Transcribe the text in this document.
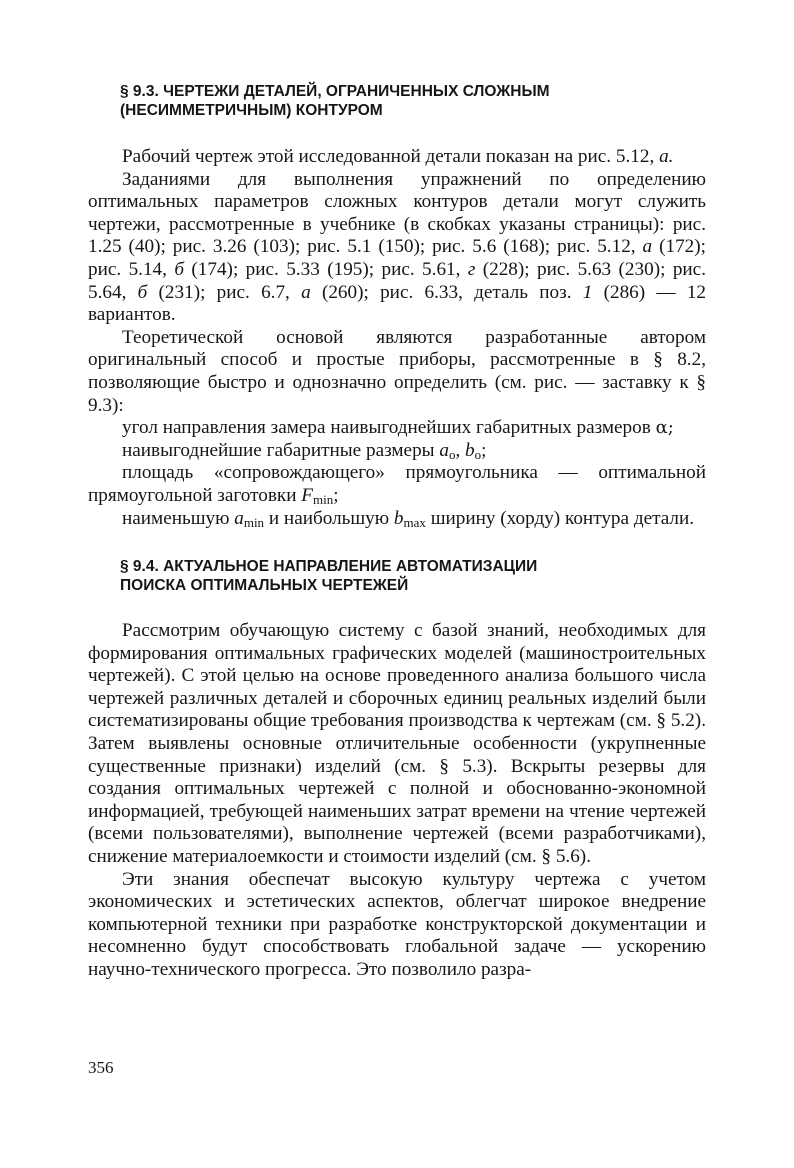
§ 9.3. ЧЕРТЕЖИ ДЕТАЛЕЙ, ОГРАНИЧЕННЫХ СЛОЖНЫМ
(НЕСИММЕТРИЧНЫМ) КОНТУРОМ

Рабочий чертеж этой исследованной детали показан на рис. 5.12, а.

Заданиями для выполнения упражнений по определению оптимальных параметров сложных контуров детали могут служить чертежи, рассмотренные в учебнике (в скобках указаны страницы): рис. 1.25 (40); рис. 3.26 (103); рис. 5.1 (150); рис. 5.6 (168); рис. 5.12, а (172); рис. 5.14, б (174); рис. 5.33 (195); рис. 5.61, г (228); рис. 5.63 (230); рис. 5.64, б (231); рис. 6.7, а (260); рис. 6.33, деталь поз. 1 (286) — 12 вариантов.

Теоретической основой являются разработанные автором оригинальный способ и простые приборы, рассмотренные в § 8.2, позволяющие быстро и однозначно определить (см. рис. — заставку к § 9.3):

угол направления замера наивыгоднейших габаритных размеров α;

наивыгоднейшие габаритные размеры $a_o$, $b_o$;

площадь «сопровождающего» прямоугольника — оптимальной прямоугольной заготовки $F_{min}$;

наименьшую $a_{min}$ и наибольшую $b_{max}$ ширину (хорду) контура детали.

§ 9.4. АКТУАЛЬНОЕ НАПРАВЛЕНИЕ АВТОМАТИЗАЦИИ
ПОИСКА ОПТИМАЛЬНЫХ ЧЕРТЕЖЕЙ

Рассмотрим обучающую систему с базой знаний, необходимых для формирования оптимальных графических моделей (машиностроительных чертежей). С этой целью на основе проведенного анализа большого числа чертежей различных деталей и сборочных единиц реальных изделий были систематизированы общие требования производства к чертежам (см. § 5.2). Затем выявлены основные отличительные особенности (укрупненные существенные признаки) изделий (см. § 5.3). Вскрыты резервы для создания оптимальных чертежей с полной и обоснованно-экономной информацией, требующей наименьших затрат времени на чтение чертежей (всеми пользователями), выполнение чертежей (всеми разработчиками), снижение материалоемкости и стоимости изделий (см. § 5.6).

Эти знания обеспечат высокую культуру чертежа с учетом экономических и эстетических аспектов, облегчат широкое внедрение компьютерной техники при разработке конструкторской документации и несомненно будут способствовать глобальной задаче — ускорению научно-технического прогресса. Это позволило разра-

356
